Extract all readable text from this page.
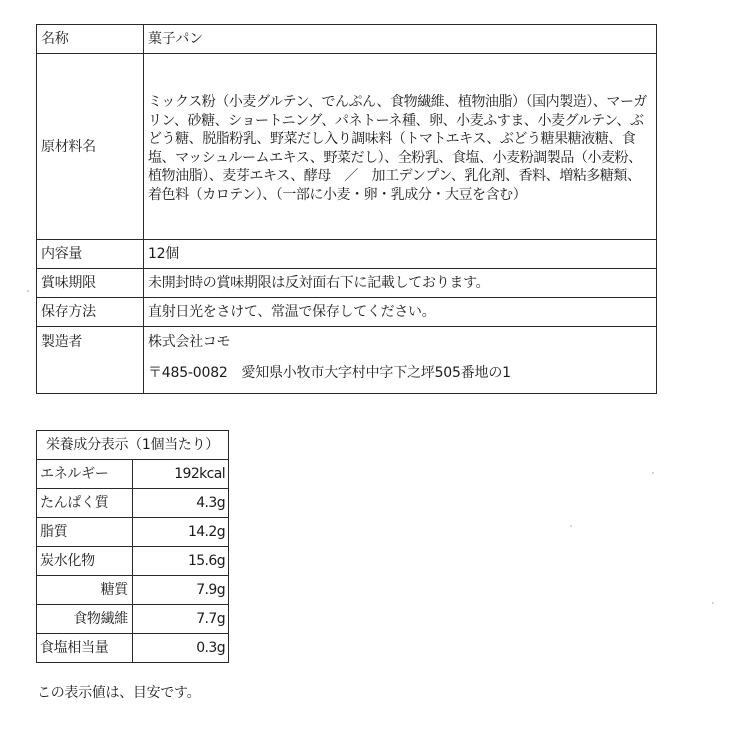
名称	菓子パン
原材料名	ミックス粉（小麦グルテン、でんぷん、食物繊維、植物油脂）（国内製造）、マーガリン、砂糖、ショートニング、パネトーネ種、卵、小麦ふすま、小麦グルテン、ぶどう糖、脱脂粉乳、野菜だし入り調味料（トマトエキス、ぶどう糖果糖液糖、食塩、マッシュルームエキス、野菜だし）、全粉乳、食塩、小麦粉調製品（小麦粉、植物油脂）、麦芽エキス、酵母　／　加工デンプン、乳化剤、香料、増粘多糖類、着色料（カロテン）、（一部に小麦・卵・乳成分・大豆を含む）

内容量	12個
賞味期限	未開封時の賞味期限は反対面右下に記載しております。
保存方法	直射日光をさけて、常温で保存してください。
製造者	株式会社コモ
〒485-0082　愛知県小牧市大字村中字下之坪505番地の1
栄養成分表示（1個当たり）	
エネルギー	192kcal
たんぱく質	4.3g
脂質	14.2g
炭水化物	15.6g
糖質	7.9g
食物繊維	7.7g
食塩相当量	0.3g
この表示値は、目安です。
